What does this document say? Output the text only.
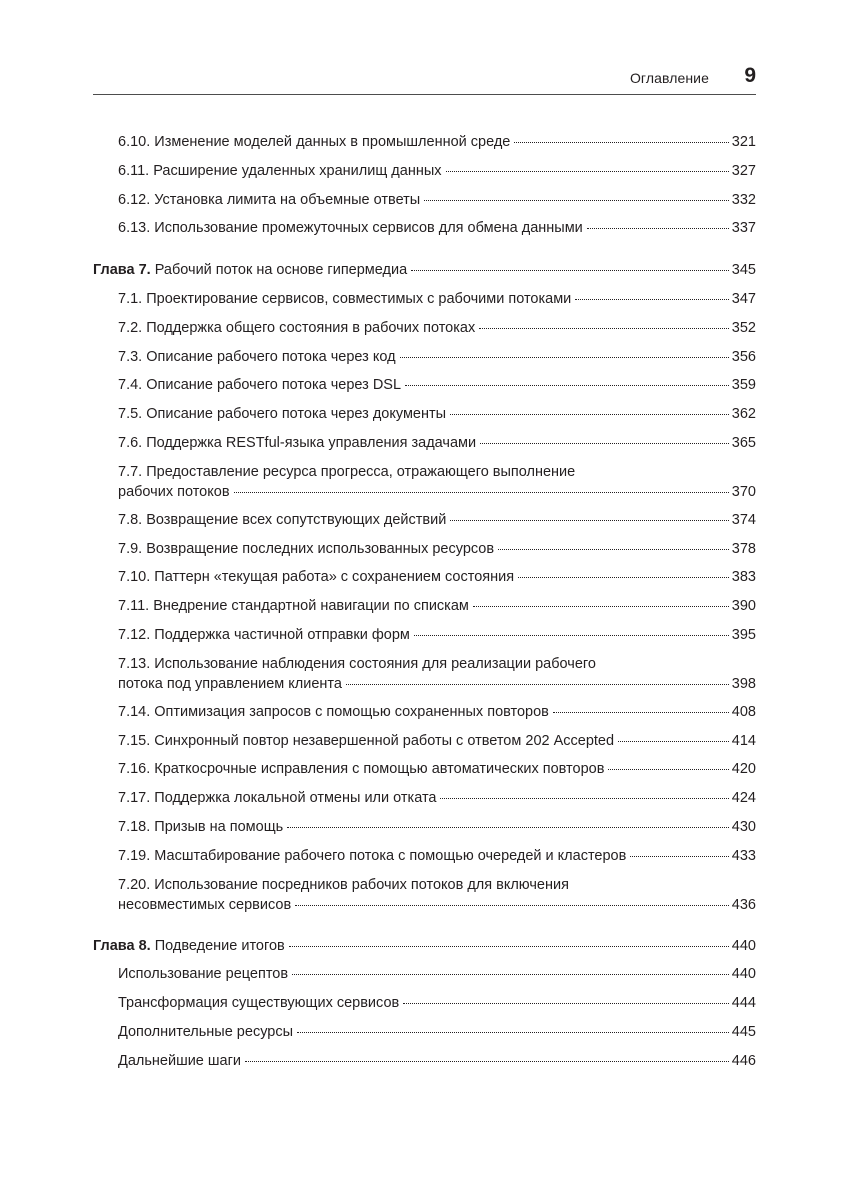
Оглавление 9
6.10. Изменение моделей данных в промышленной среде	321
6.11. Расширение удаленных хранилищ данных	327
6.12. Установка лимита на объемные ответы	332
6.13. Использование промежуточных сервисов для обмена данными	337
Глава 7. Рабочий поток на основе гипермедиа	345
7.1. Проектирование сервисов, совместимых с рабочими потоками	347
7.2. Поддержка общего состояния в рабочих потоках	352
7.3. Описание рабочего потока через код	356
7.4. Описание рабочего потока через DSL	359
7.5. Описание рабочего потока через документы	362
7.6. Поддержка RESTful-языка управления задачами	365
7.7. Предоставление ресурса прогресса, отражающего выполнение
рабочих потоков	370
7.8. Возвращение всех сопутствующих действий	374
7.9. Возвращение последних использованных ресурсов	378
7.10. Паттерн «текущая работа» с сохранением состояния	383
7.11. Внедрение стандартной навигации по спискам	390
7.12. Поддержка частичной отправки форм	395
7.13. Использование наблюдения состояния для реализации рабочего
потока под управлением клиента	398
7.14. Оптимизация запросов с помощью сохраненных повторов	408
7.15. Синхронный повтор незавершенной работы с ответом 202 Accepted	414
7.16. Краткосрочные исправления с помощью автоматических повторов	420
7.17. Поддержка локальной отмены или отката	424
7.18. Призыв на помощь	430
7.19. Масштабирование рабочего потока с помощью очередей и кластеров	433
7.20. Использование посредников рабочих потоков для включения
несовместимых сервисов	436
Глава 8. Подведение итогов	440
Использование рецептов	440
Трансформация существующих сервисов	444
Дополнительные ресурсы	445
Дальнейшие шаги	446
